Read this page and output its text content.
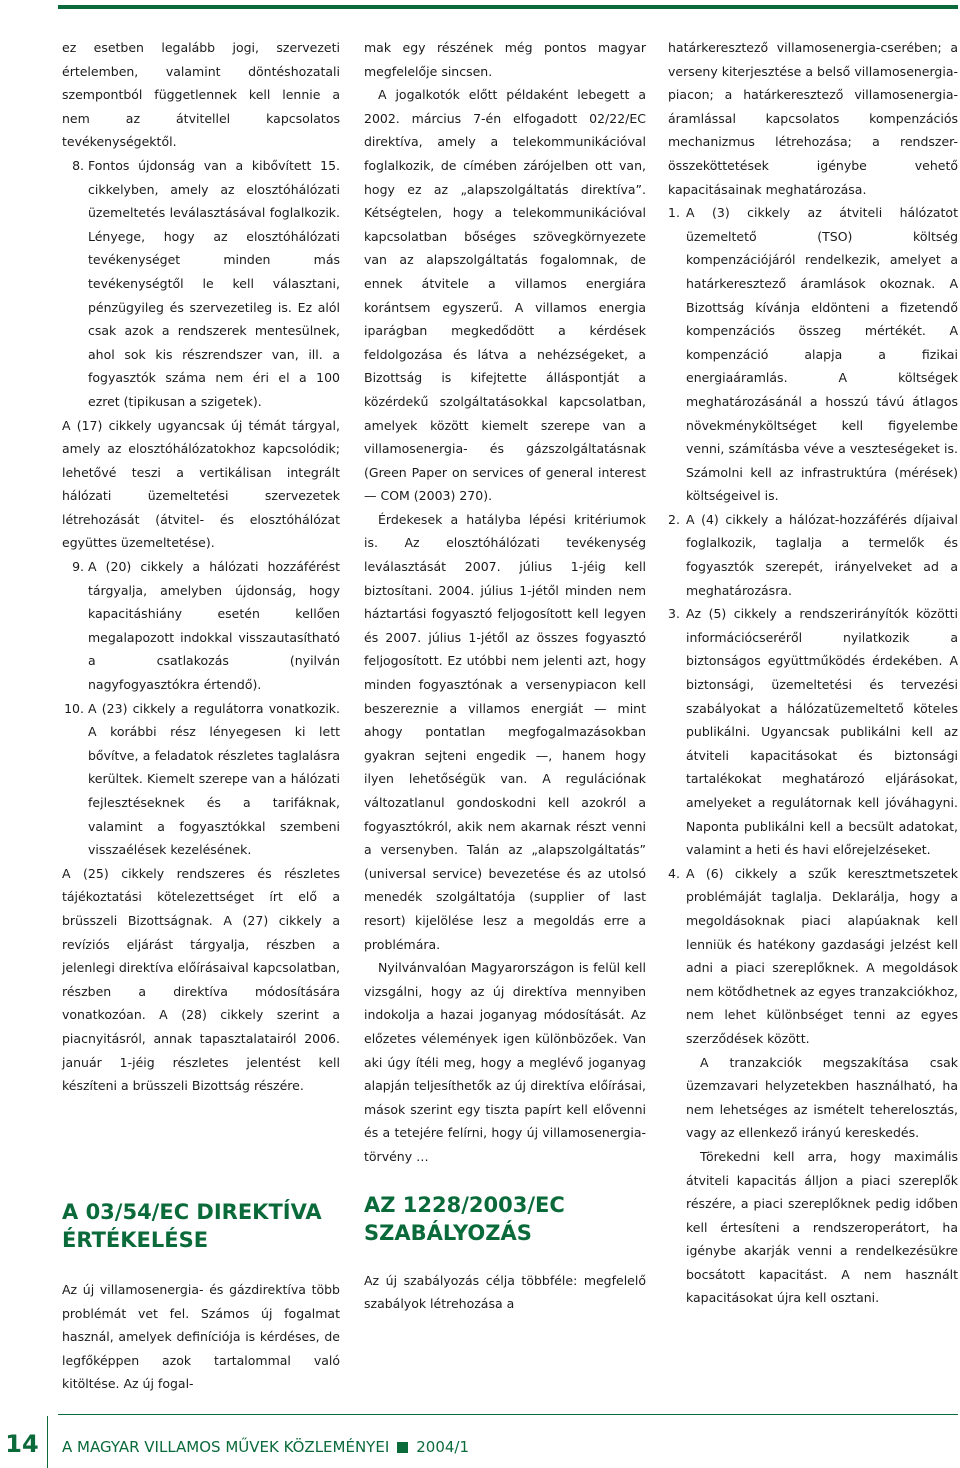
ez esetben legalább jogi, szervezeti értelemben, valamint döntéshozatali szempontból függetlennek kell lennie a nem az átvitellel kapcsolatos tevékenységektől.

8. Fontos újdonság van a kibővített 15. cikkelyben, amely az elosztóhálózati üzemeltetés leválasztásával foglalkozik. Lényege, hogy az elosztóhálózati tevékenységet minden más tevékenységtől le kell választani, pénzügyileg és szervezetileg is. Ez alól csak azok a rendszerek mentesülnek, ahol sok kis részrendszer van, ill. a fogyasztók száma nem éri el a 100 ezret (tipikusan a szigetek).

A (17) cikkely ugyancsak új témát tárgyal, amely az elosztóhálózatokhoz kapcsolódik; lehetővé teszi a vertikálisan integrált hálózati üzemeltetési szervezetek létrehozását (átvitel- és elosztóhálózat együttes üzemeltetése).

9. A (20) cikkely a hálózati hozzáférést tárgyalja, amelyben újdonság, hogy kapacitáshiány esetén kellően megalapozott indokkal visszautasítható a csatlakozás (nyilván nagyfogyasztókra értendő).
10. A (23) cikkely a regulátorra vonatkozik. A korábbi rész lényegesen ki lett bővítve, a feladatok részletes taglalásra kerültek. Kiemelt szerepe van a hálózati fejlesztéseknek és a tarifáknak, valamint a fogyasztókkal szembeni visszaélések kezelésének.

A (25) cikkely rendszeres és részletes tájékoztatási kötelezettséget írt elő a brüsszeli Bizottságnak. A (27) cikkely a revíziós eljárást tárgyalja, részben a jelenlegi direktíva előírásaival kapcsolatban, részben a direktíva módosítására vonatkozóan. A (28) cikkely szerint a piacnyitásról, annak tapasztalatairól 2006. január 1-jéig részletes jelentést kell készíteni a brüsszeli Bizottság részére.

A 03/54/EC DIREKTÍVA ÉRTÉKELÉSE

Az új villamosenergia- és gázdirektíva több problémát vet fel. Számos új fogalmat használ, amelyek definíciója is kérdéses, de legfőképpen azok tartalommal való kitöltése. Az új fogal-

mak egy részének még pontos magyar megfelelője sincsen.

A jogalkotók előtt példaként lebegett a 2002. március 7-én elfogadott 02/22/EC direktíva, amely a telekommunikációval foglalkozik, de címében zárójelben ott van, hogy ez az „alapszolgáltatás direktíva”. Kétségtelen, hogy a telekommunikációval kapcsolatban bőséges szövegkörnyezete van az alapszolgáltatás fogalomnak, de ennek átvitele a villamos energiára korántsem egyszerű. A villamos energia iparágban megkedődött a kérdések feldolgozása és látva a nehézségeket, a Bizottság is kifejtette álláspontját a közérdekű szolgáltatásokkal kapcsolatban, amelyek között kiemelt szerepe van a villamosenergia- és gázszolgáltatásnak (Green Paper on services of general interest — COM (2003) 270).

Érdekesek a hatályba lépési kritériumok is. Az elosztóhálózati tevékenység leválasztását 2007. július 1-jéig kell biztosítani. 2004. július 1-jétől minden nem háztartási fogyasztó feljogosított kell legyen és 2007. július 1-jétől az összes fogyasztó feljogosított. Ez utóbbi nem jelenti azt, hogy minden fogyasztónak a versenypiacon kell beszereznie a villamos energiát — mint ahogy pontatlan megfogalmazásokban gyakran sejteni engedik —, hanem hogy ilyen lehetőségük van. A regulációnak változatlanul gondoskodni kell azokról a fogyasztókról, akik nem akarnak részt venni a versenyben. Talán az „alapszolgáltatás” (universal service) bevezetése és az utolsó menedék szolgáltatója (supplier of last resort) kijelölése lesz a megoldás erre a problémára.

Nyilvánvalóan Magyarországon is felül kell vizsgálni, hogy az új direktíva mennyiben indokolja a hazai joganyag módosítását. Az előzetes vélemények igen különbözőek. Van aki úgy ítéli meg, hogy a meglévő joganyag alapján teljesíthetők az új direktíva előírásai, mások szerint egy tiszta papírt kell elővenni és a tetejére felírni, hogy új villamosenergia-törvény …

AZ 1228/2003/EC SZABÁLYOZÁS

Az új szabályozás célja többféle: megfelelő szabályok létrehozása a

határkeresztező villamosenergia-cserében; a verseny kiterjesztése a belső villamosenergia-piacon; a határkeresztező villamosenergia-áramlással kapcsolatos kompenzációs mechanizmus létrehozása; a rendszer-összeköttetések igénybe vehető kapacitásainak meghatározása.

1. A (3) cikkely az átviteli hálózatot üzemeltető (TSO) költség kompenzációjáról rendelkezik, amelyet a határkeresztező áramlások okoznak. A Bizottság kívánja eldönteni a fizetendő kompenzációs összeg mértékét. A kompenzáció alapja a fizikai energiaáramlás. A költségek meghatározásánál a hosszú távú átlagos növekményköltséget kell figyelembe venni, számításba véve a veszteségeket is. Számolni kell az infrastruktúra (mérések) költségeivel is.
2. A (4) cikkely a hálózat-hozzáférés díjaival foglalkozik, taglalja a termelők és fogyasztók szerepét, irányelveket ad a meghatározásra.
3. Az (5) cikkely a rendszerirányítók közötti információcseréről nyilatkozik a biztonságos együttműködés érdekében. A biztonsági, üzemeltetési és tervezési szabályokat a hálózatüzemeltető köteles publikálni. Ugyancsak publikálni kell az átviteli kapacitásokat és biztonsági tartalékokat meghatározó eljárásokat, amelyeket a regulátornak kell jóváhagyni. Naponta publikálni kell a becsült adatokat, valamint a heti és havi előrejelzéseket.
4. A (6) cikkely a szűk keresztmetszetek problémáját taglalja. Deklarálja, hogy a megoldásoknak piaci alapúaknak kell lenniük és hatékony gazdasági jelzést kell adni a piaci szereplőknek. A megoldások nem kötődhetnek az egyes tranzakciókhoz, nem lehet különbséget tenni az egyes szerződések között.

A tranzakciók megszakítása csak üzemzavari helyzetekben használható, ha nem lehetséges az ismételt teherelosztás, vagy az ellenkező irányú kereskedés.

Törekedni kell arra, hogy maximális átviteli kapacitás álljon a piaci szereplők részére, a piaci szereplőknek pedig időben kell értesíteni a rendszeroperátort, ha igénybe akarják venni a rendelkezésükre bocsátott kapacitást. A nem használt kapacitásokat újra kell osztani.

14	A MAGYAR VILLAMOS MŰVEK KÖZLEMÉNYEI 2004/1
